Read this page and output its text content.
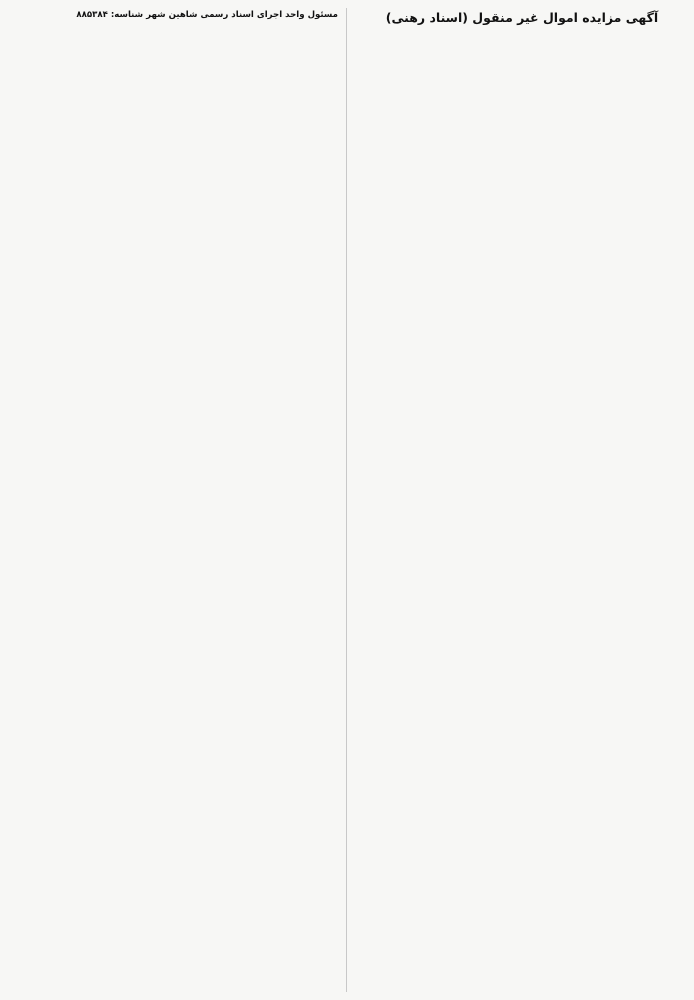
آگهی مزایده اموال غیر منقول (اسناد رهنی)

مسئول واحد اجرای اسناد رسمی شاهین شهر شناسه: ۸۸۵۳۸۴
